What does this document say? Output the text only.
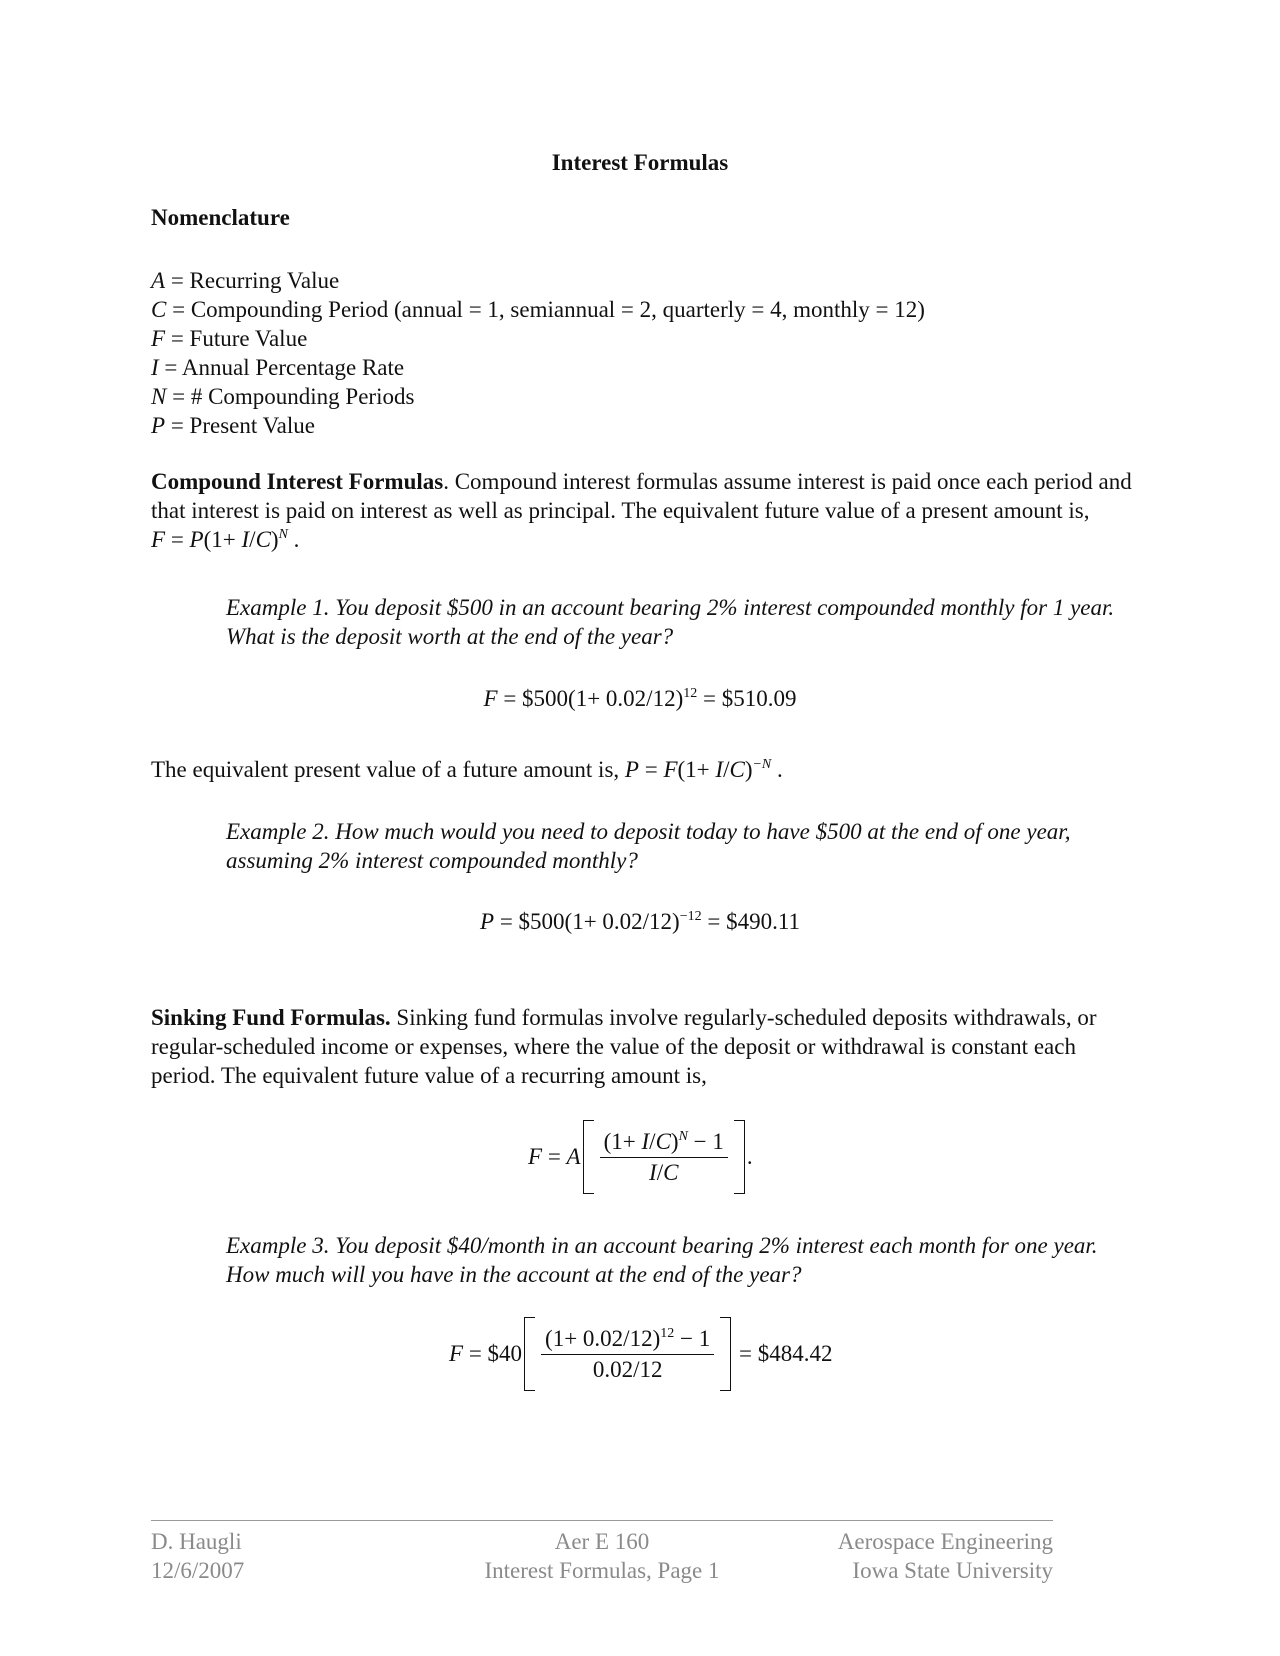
Interest Formulas
Nomenclature
A = Recurring Value
C = Compounding Period (annual = 1, semiannual = 2, quarterly = 4, monthly = 12)
F = Future Value
I = Annual Percentage Rate
N = # Compounding Periods
P = Present Value
Compound Interest Formulas. Compound interest formulas assume interest is paid once each period and that interest is paid on interest as well as principal. The equivalent future value of a present amount is, $F = P(1+ I/C)^N$ .
Example 1. You deposit $500 in an account bearing 2% interest compounded monthly for 1 year. What is the deposit worth at the end of the year?
F = $500(1+ 0.02/12)$^{12}$ = $510.09
The equivalent present value of a future amount is, $P = F(1+ I/C)^{-N}$ .
Example 2. How much would you need to deposit today to have $500 at the end of one year, assuming 2% interest compounded monthly?
P = $500(1+ 0.02/12)$^{-12}$ = $490.11
Sinking Fund Formulas. Sinking fund formulas involve regularly-scheduled deposits withdrawals, or regular-scheduled income or expenses, where the value of the deposit or withdrawal is constant each period. The equivalent future value of a recurring amount is,
F = A $\frac{(1+ I/C)^N - 1}{I/C}$ .
Example 3. You deposit $40/month in an account bearing 2% interest each month for one year. How much will you have in the account at the end of the year?
F = $40 $\frac{(1+ 0.02/12)^{12} - 1}{0.02/12}$ = $484.42
D. Haugli
12/6/2007
Aer E 160
Interest Formulas, Page 1
Aerospace Engineering
Iowa State University
